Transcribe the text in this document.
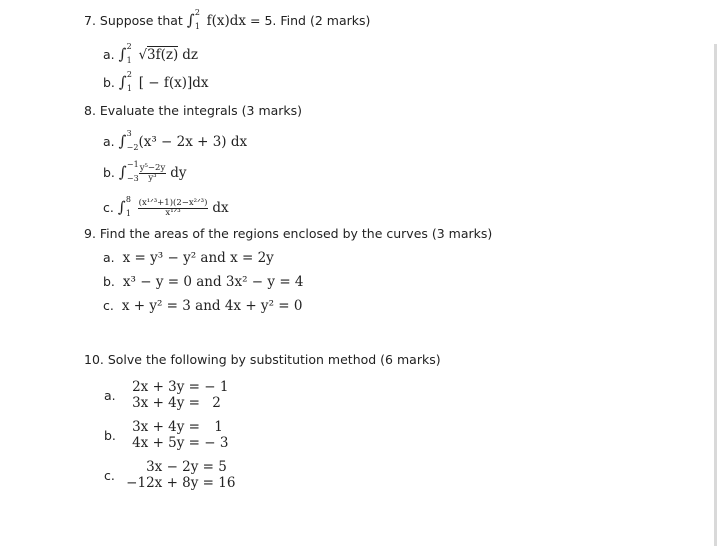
7. Suppose that ∫ 2
1 f(x)dx = 5. Find (2 marks)
a. ∫ 2
1 √3f(z) dz
b. ∫ 2
1 [ − f(x)]dx
8. Evaluate the integrals (3 marks)
a. ∫ 3
−2 (x³ − 2x + 3) dx
b. ∫ −1
−3
$\frac{\text{y⁵−2y}}{\text{y³}}$ dy
c. ∫ 8
1
$\frac{\text{(x¹ᐟ³+1)(2−x²ᐟ³)}}{\text{x¹ᐟ³}}$ dx
9. Find the areas of the regions enclosed by the curves (3 marks)
a. x = y³ − y² and x = 2y
b. x³ − y = 0 and 3x² − y = 4
c. x + y² = 3 and 4x + y² = 0
10. Solve the following by substitution method (6 marks)
a.
2x + 3y = − 1
3x + 4y = 2
b.
3x + 4y = 1
4x + 5y = − 3
c.
3x − 2y = 5
−12x + 8y = 16
